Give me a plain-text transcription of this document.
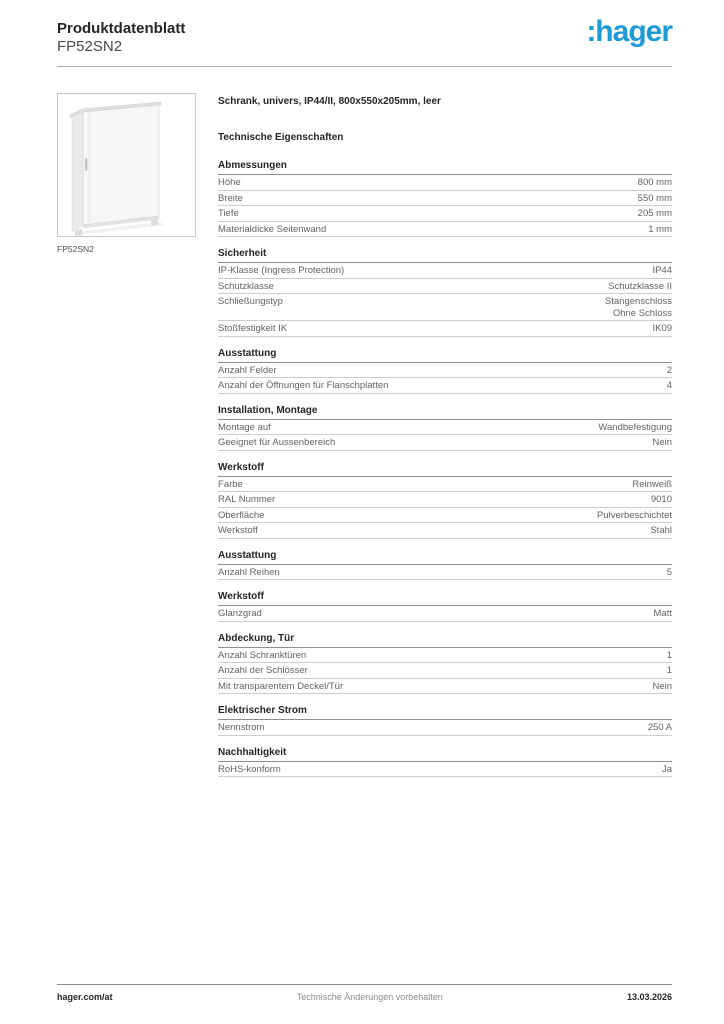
Produktdatenblatt
FP52SN2	:hager
FP52SN2
Schrank, univers, IP44/II, 800x550x205mm, leer
Technische Eigenschaften
Abmessungen
Höhe	800 mm
Breite	550 mm
Tiefe	205 mm
Materialdicke Seitenwand	1 mm
Sicherheit
IP-Klasse (Ingress Protection)	IP44
Schutzklasse	Schutzklasse II
Schließungstyp	Stangenschloss
Ohne Schloss
Stoßfestigkeit IK	IK09
Ausstattung
Anzahl Felder	2
Anzahl der Öffnungen für Flanschplatten	4
Installation, Montage
Montage auf	Wandbefestigung
Geeignet für Aussenbereich	Nein
Werkstoff
Farbe	Reinweiß
RAL Nummer	9010
Oberfläche	Pulverbeschichtet
Werkstoff	Stahl
Ausstattung
Anzahl Reihen	5
Werkstoff
Glanzgrad	Matt
Abdeckung, Tür
Anzahl Schranktüren	1
Anzahl der Schlösser	1
Mit transparentem Deckel/Tür	Nein
Elektrischer Strom
Nennstrom	250 A
Nachhaltigkeit
RoHS-konform	Ja
hager.com/at	Technische Änderungen vorbehalten	13.03.2026
